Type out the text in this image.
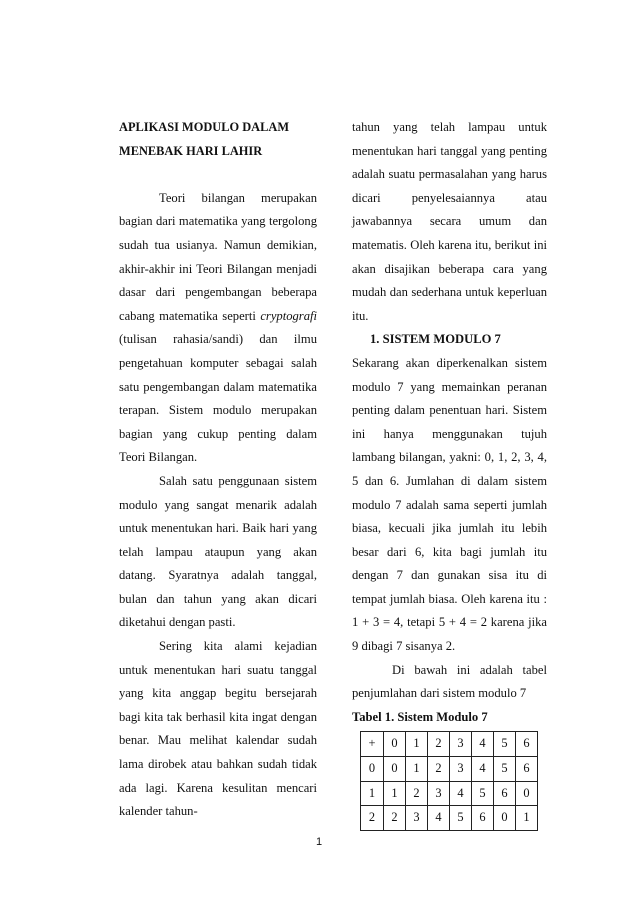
APLIKASI MODULO DALAM

MENEBAK HARI LAHIR

Teori bilangan merupakan bagian dari matematika yang tergolong sudah tua usianya. Namun demikian, akhir-akhir ini Teori Bilangan menjadi dasar dari pengembangan beberapa cabang matematika seperti cryptografi (tulisan rahasia/sandi) dan ilmu pengetahuan komputer sebagai salah satu pengembangan dalam matematika terapan. Sistem modulo merupakan bagian yang cukup penting dalam Teori Bilangan.

Salah satu penggunaan sistem modulo yang sangat menarik adalah untuk menentukan hari. Baik hari yang telah lampau ataupun yang akan datang. Syaratnya adalah tanggal, bulan dan tahun yang akan dicari diketahui dengan pasti.

Sering kita alami kejadian untuk menentukan hari suatu tanggal yang kita anggap begitu bersejarah bagi kita tak berhasil kita ingat dengan benar. Mau melihat kalendar sudah lama dirobek atau bahkan sudah tidak ada lagi. Karena kesulitan mencari kalender tahun-

tahun yang telah lampau untuk menentukan hari tanggal yang penting adalah suatu permasalahan yang harus dicari penyelesaiannya atau jawabannya secara umum dan matematis. Oleh karena itu, berikut ini akan disajikan beberapa cara yang mudah dan sederhana untuk keperluan itu.

1. SISTEM MODULO 7

Sekarang akan diperkenalkan sistem modulo 7 yang memainkan peranan penting dalam penentuan hari. Sistem ini hanya menggunakan tujuh lambang bilangan, yakni: 0, 1, 2, 3, 4, 5 dan 6. Jumlahan di dalam sistem modulo 7 adalah sama seperti jumlah biasa, kecuali jika jumlah itu lebih besar dari 6, kita bagi jumlah itu dengan 7 dan gunakan sisa itu di tempat jumlah biasa. Oleh karena itu : 1 + 3 = 4, tetapi 5 + 4 = 2 karena jika 9 dibagi 7 sisanya 2.

Di bawah ini adalah tabel penjumlahan dari sistem modulo 7

Tabel 1. Sistem Modulo 7

+	0	1	2	3	4	5	6
0	0	1	2	3	4	5	6
1	1	2	3	4	5	6	0
2	2	3	4	5	6	0	1
1
